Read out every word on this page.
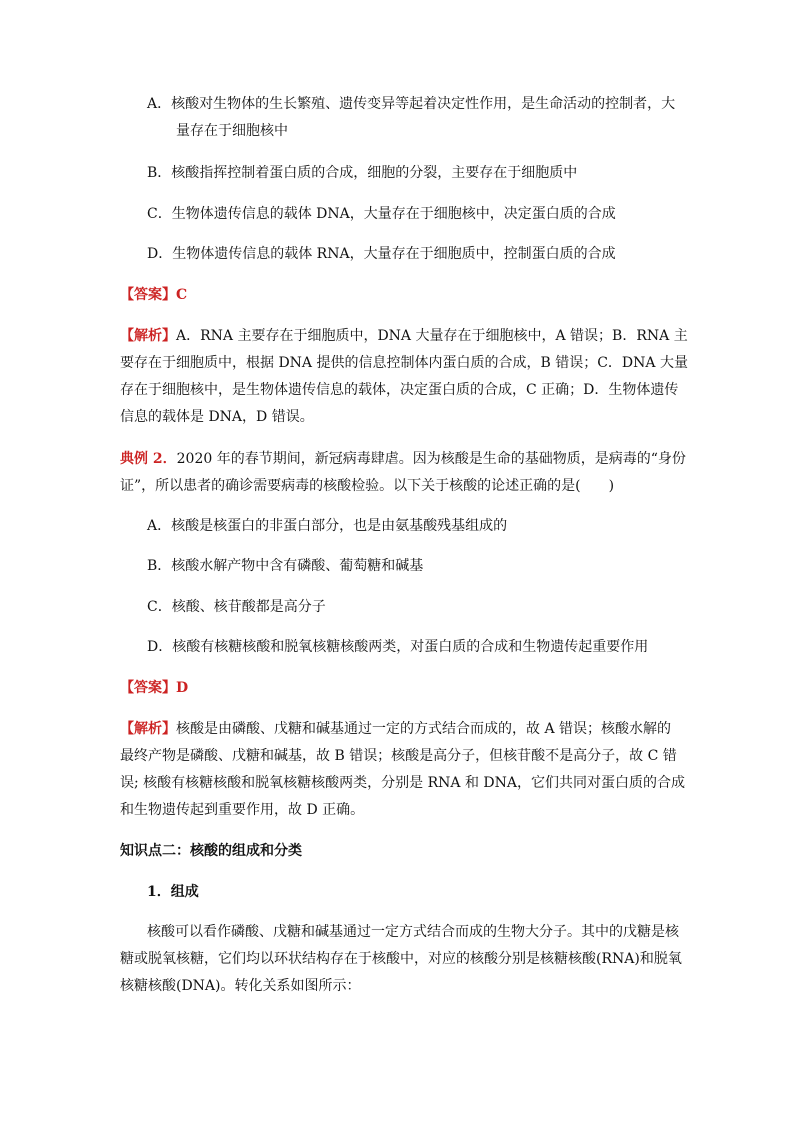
A．核酸对生物体的生长繁殖、遗传变异等起着决定性作用，是生命活动的控制者，大
量存在于细胞核中
B．核酸指挥控制着蛋白质的合成，细胞的分裂，主要存在于细胞质中
C．生物体遗传信息的载体 DNA，大量存在于细胞核中，决定蛋白质的合成
D．生物体遗传信息的载体 RNA，大量存在于细胞质中，控制蛋白质的合成
【答案】C
【解析】A．RNA 主要存在于细胞质中，DNA 大量存在于细胞核中，A 错误；B．RNA 主
要存在于细胞质中，根据 DNA 提供的信息控制体内蛋白质的合成，B 错误；C．DNA 大量
存在于细胞核中，是生物体遗传信息的载体，决定蛋白质的合成，C 正确；D．生物体遗传
信息的载体是 DNA，D 错误。
典例 2．2020 年的春节期间，新冠病毒肆虐。因为核酸是生命的基础物质，是病毒的“身份
证”，所以患者的确诊需要病毒的核酸检验。以下关于核酸的论述正确的是(　　)
A．核酸是核蛋白的非蛋白部分，也是由氨基酸残基组成的
B．核酸水解产物中含有磷酸、葡萄糖和碱基
C．核酸、核苷酸都是高分子
D．核酸有核糖核酸和脱氧核糖核酸两类，对蛋白质的合成和生物遗传起重要作用
【答案】D
【解析】核酸是由磷酸、戊糖和碱基通过一定的方式结合而成的，故 A 错误；核酸水解的
最终产物是磷酸、戊糖和碱基，故 B 错误；核酸是高分子，但核苷酸不是高分子，故 C 错
误; 核酸有核糖核酸和脱氧核糖核酸两类，分别是 RNA 和 DNA，它们共同对蛋白质的合成
和生物遗传起到重要作用，故 D 正确。
知识点二：核酸的组成和分类
1．组成
核酸可以看作磷酸、戊糖和碱基通过一定方式结合而成的生物大分子。其中的戊糖是核
糖或脱氧核糖，它们均以环状结构存在于核酸中，对应的核酸分别是核糖核酸(RNA)和脱氧
核糖核酸(DNA)。转化关系如图所示：
